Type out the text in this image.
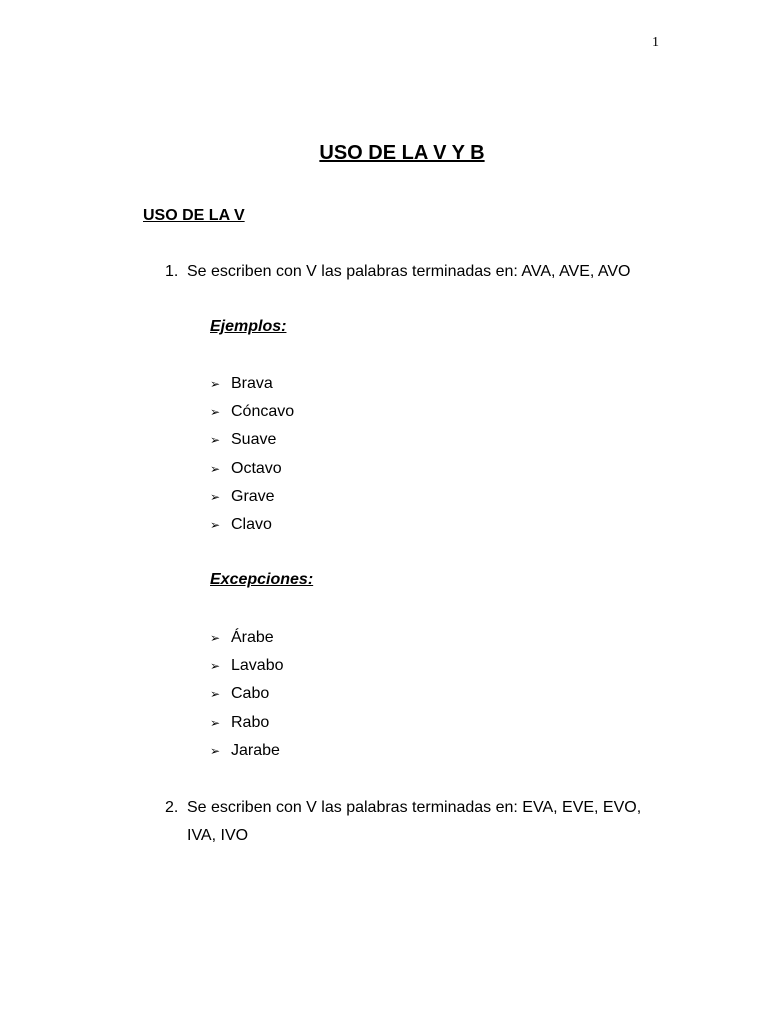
1
USO DE LA V Y B
USO DE LA V
1. Se escriben con V las palabras terminadas en: AVA, AVE, AVO
Ejemplos:
➢ Brava
➢ Cóncavo
➢ Suave
➢ Octavo
➢ Grave
➢ Clavo
Excepciones:
➢ Árabe
➢ Lavabo
➢ Cabo
➢ Rabo
➢ Jarabe
2. Se escriben con V las palabras terminadas en: EVA, EVE, EVO, IVA, IVO
